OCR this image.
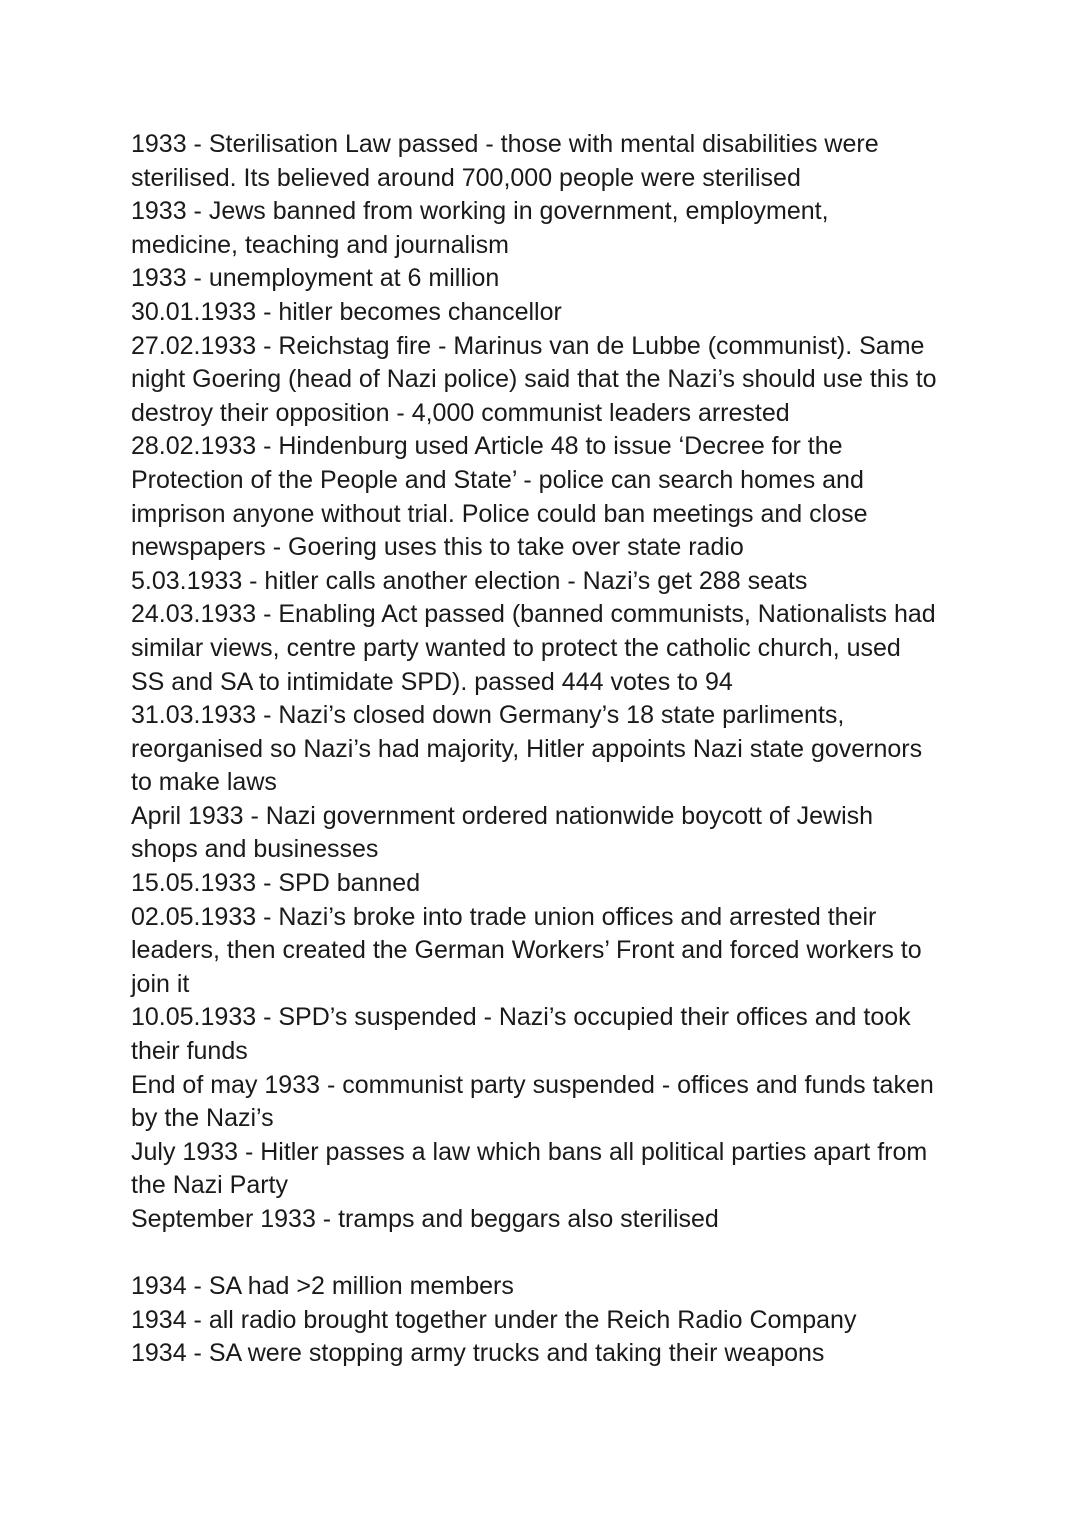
1933 - Sterilisation Law passed - those with mental disabilities were
sterilised. Its believed around 700,000 people were sterilised

1933 - Jews banned from working in government, employment,
medicine, teaching and journalism

1933 - unemployment at 6 million

30.01.1933 - hitler becomes chancellor

27.02.1933 - Reichstag fire - Marinus van de Lubbe (communist). Same
night Goering (head of Nazi police) said that the Nazi’s should use this to
destroy their opposition - 4,000 communist leaders arrested

28.02.1933 - Hindenburg used Article 48 to issue ‘Decree for the
Protection of the People and State’ - police can search homes and
imprison anyone without trial. Police could ban meetings and close
newspapers - Goering uses this to take over state radio

5.03.1933 - hitler calls another election - Nazi’s get 288 seats

24.03.1933 - Enabling Act passed (banned communists, Nationalists had
similar views, centre party wanted to protect the catholic church, used
SS and SA to intimidate SPD). passed 444 votes to 94

31.03.1933 - Nazi’s closed down Germany’s 18 state parliments,
reorganised so Nazi’s had majority, Hitler appoints Nazi state governors
to make laws

April 1933 - Nazi government ordered nationwide boycott of Jewish
shops and businesses

15.05.1933 - SPD banned

02.05.1933 - Nazi’s broke into trade union offices and arrested their
leaders, then created the German Workers’ Front and forced workers to
join it

10.05.1933 - SPD’s suspended - Nazi’s occupied their offices and took
their funds

End of may 1933 - communist party suspended - offices and funds taken
by the Nazi’s

July 1933 - Hitler passes a law which bans all political parties apart from
the Nazi Party

September 1933 - tramps and beggars also sterilised

1934 - SA had >2 million members

1934 - all radio brought together under the Reich Radio Company

1934 - SA were stopping army trucks and taking their weapons
